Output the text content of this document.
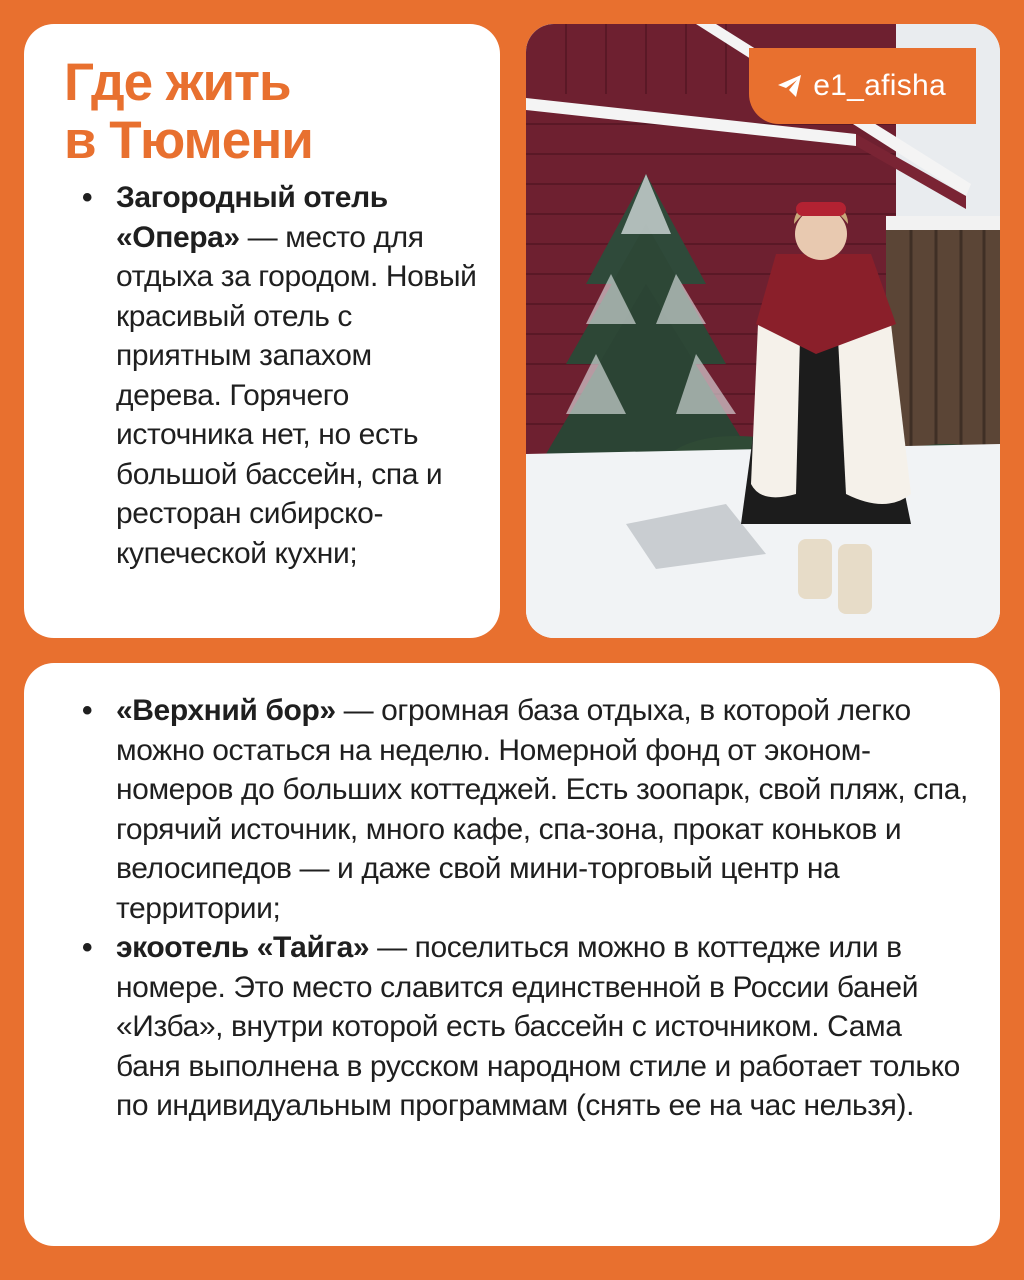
Где жить
в Тюмени
• Загородный отель «Опера» — место для отдыха за городом. Новый красивый отель с приятным запахом дерева. Горячего источника нет, но есть большой бассейн, спа и ресторан сибирско-купеческой кухни;
e1_afisha
• «Верхний бор» — огромная база отдыха, в которой легко можно остаться на неделю. Номерной фонд от эконом-номеров до больших коттеджей. Есть зоопарк, свой пляж, спа, горячий источник, много кафе, спа-зона, прокат коньков и велосипедов — и даже свой мини-торговый центр на территории;
• экоотель «Тайга» — поселиться можно в коттедже или в номере. Это место славится единственной в России баней «Изба», внутри которой есть бассейн с источником. Сама баня выполнена в русском народном стиле и работает только по индивидуальным программам (снять ее на час нельзя).
